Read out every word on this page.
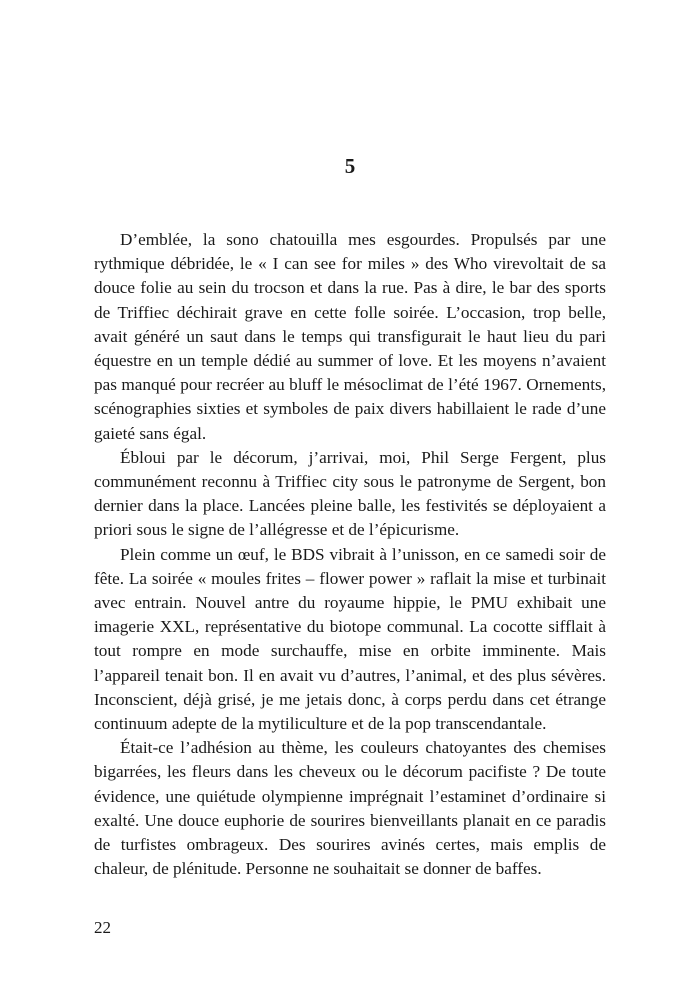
5

D’emblée, la sono chatouilla mes esgourdes. Propulsés par une rythmique débridée, le « I can see for miles » des Who virevoltait de sa douce folie au sein du trocson et dans la rue. Pas à dire, le bar des sports de Triffiec déchirait grave en cette folle soirée. L’occasion, trop belle, avait généré un saut dans le temps qui transfigurait le haut lieu du pari équestre en un temple dédié au summer of love. Et les moyens n’avaient pas manqué pour recréer au bluff le mésoclimat de l’été 1967. Ornements, scénographies sixties et symboles de paix divers habillaient le rade d’une gaieté sans égal.

Ébloui par le décorum, j’arrivai, moi, Phil Serge Fergent, plus communément reconnu à Triffiec city sous le patronyme de Sergent, bon dernier dans la place. Lancées pleine balle, les festivités se déployaient a priori sous le signe de l’allégresse et de l’épicurisme.

Plein comme un œuf, le BDS vibrait à l’unisson, en ce samedi soir de fête. La soirée « moules frites – flower power » raflait la mise et turbinait avec entrain. Nouvel antre du royaume hippie, le PMU exhibait une imagerie XXL, représentative du biotope communal. La cocotte sifflait à tout rompre en mode surchauffe, mise en orbite imminente. Mais l’appareil tenait bon. Il en avait vu d’autres, l’animal, et des plus sévères. Inconscient, déjà grisé, je me jetais donc, à corps perdu dans cet étrange continuum adepte de la mytiliculture et de la pop transcendantale.

Était-ce l’adhésion au thème, les couleurs chatoyantes des chemises bigarrées, les fleurs dans les cheveux ou le décorum pacifiste ? De toute évidence, une quiétude olympienne imprégnait l’estaminet d’ordinaire si exalté. Une douce euphorie de sourires bienveillants planait en ce paradis de turfistes ombrageux. Des sourires avinés certes, mais emplis de chaleur, de plénitude. Personne ne souhaitait se donner de baffes.

22
